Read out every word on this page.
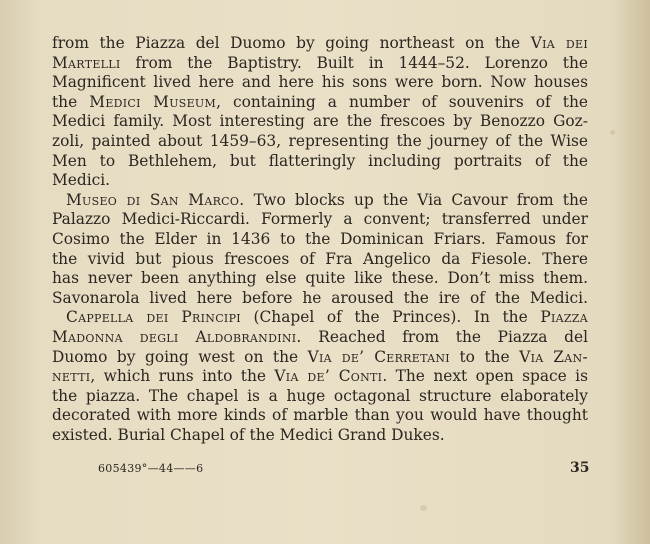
from the Piazza del Duomo by going northeast on the Via dei
Martelli from the Baptistry. Built in 1444–52. Lorenzo the
Magnificent lived here and here his sons were born. Now houses
the Medici Museum, containing a number of souvenirs of the
Medici family. Most interesting are the frescoes by Benozzo Goz-
zoli, painted about 1459–63, representing the journey of the Wise
Men to Bethlehem, but flatteringly including portraits of the
Medici.
Museo di San Marco. Two blocks up the Via Cavour from the
Palazzo Medici-Riccardi. Formerly a convent; transferred under
Cosimo the Elder in 1436 to the Dominican Friars. Famous for
the vivid but pious frescoes of Fra Angelico da Fiesole. There
has never been anything else quite like these. Don’t miss them.
Savonarola lived here before he aroused the ire of the Medici.
Cappella dei Principi (Chapel of the Princes). In the Piazza
Madonna degli Aldobrandini. Reached from the Piazza del
Duomo by going west on the Via de’ Cerretani to the Via Zan-
netti, which runs into the Via de’ Conti. The next open space is
the piazza. The chapel is a huge octagonal structure elaborately
decorated with more kinds of marble than you would have thought
existed. Burial Chapel of the Medici Grand Dukes.
605439°—44——6	35
